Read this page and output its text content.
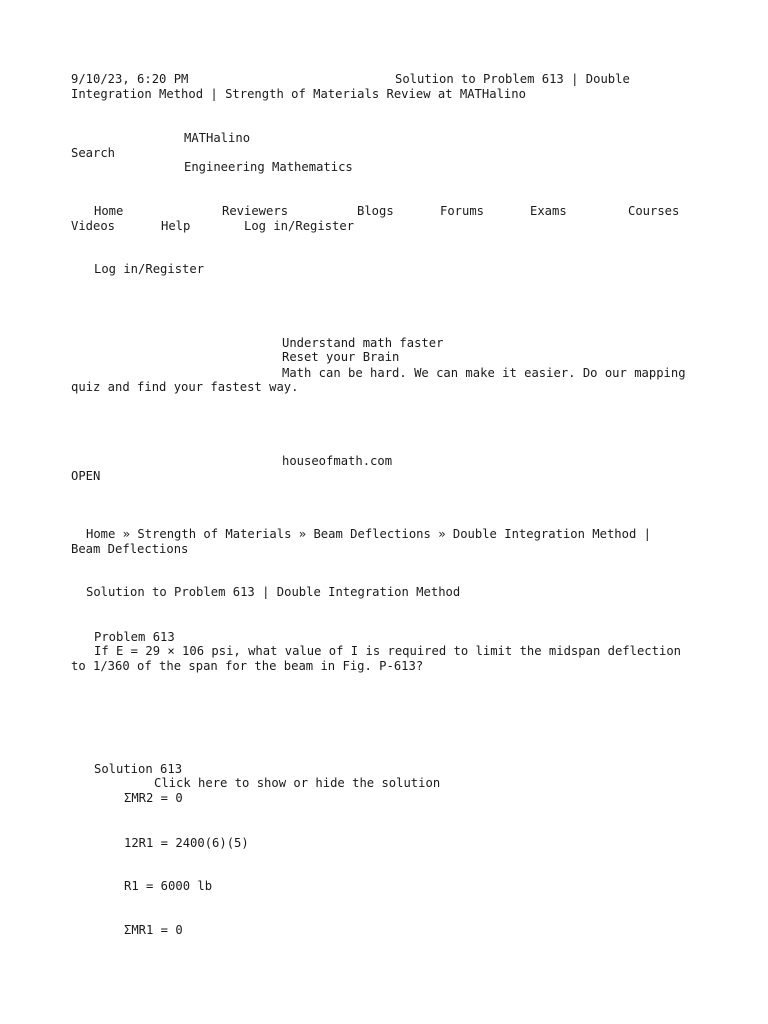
9/10/23, 6:20 PM	Solution to Problem 613 | Double
Integration Method | Strength of Materials Review at MATHalino
MATHalino
Search
Engineering Mathematics
Home	Reviewers	Blogs	Forums	Exams	Courses
Videos	Help	Log in/Register
Log in/Register
Understand math faster
Reset your Brain
Math can be hard. We can make it easier. Do our mapping
quiz and find your fastest way.
houseofmath.com
OPEN
Home » Strength of Materials » Beam Deflections » Double Integration Method |
Beam Deflections
Solution to Problem 613 | Double Integration Method
Problem 613
If E = 29 × 106 psi, what value of I is required to limit the midspan deflection
to 1/360 of the span for the beam in Fig. P-613?
Solution 613
Click here to show or hide the solution
ΣMR2 = 0
12R1 = 2400(6)(5)
R1 = 6000 lb
ΣMR1 = 0
